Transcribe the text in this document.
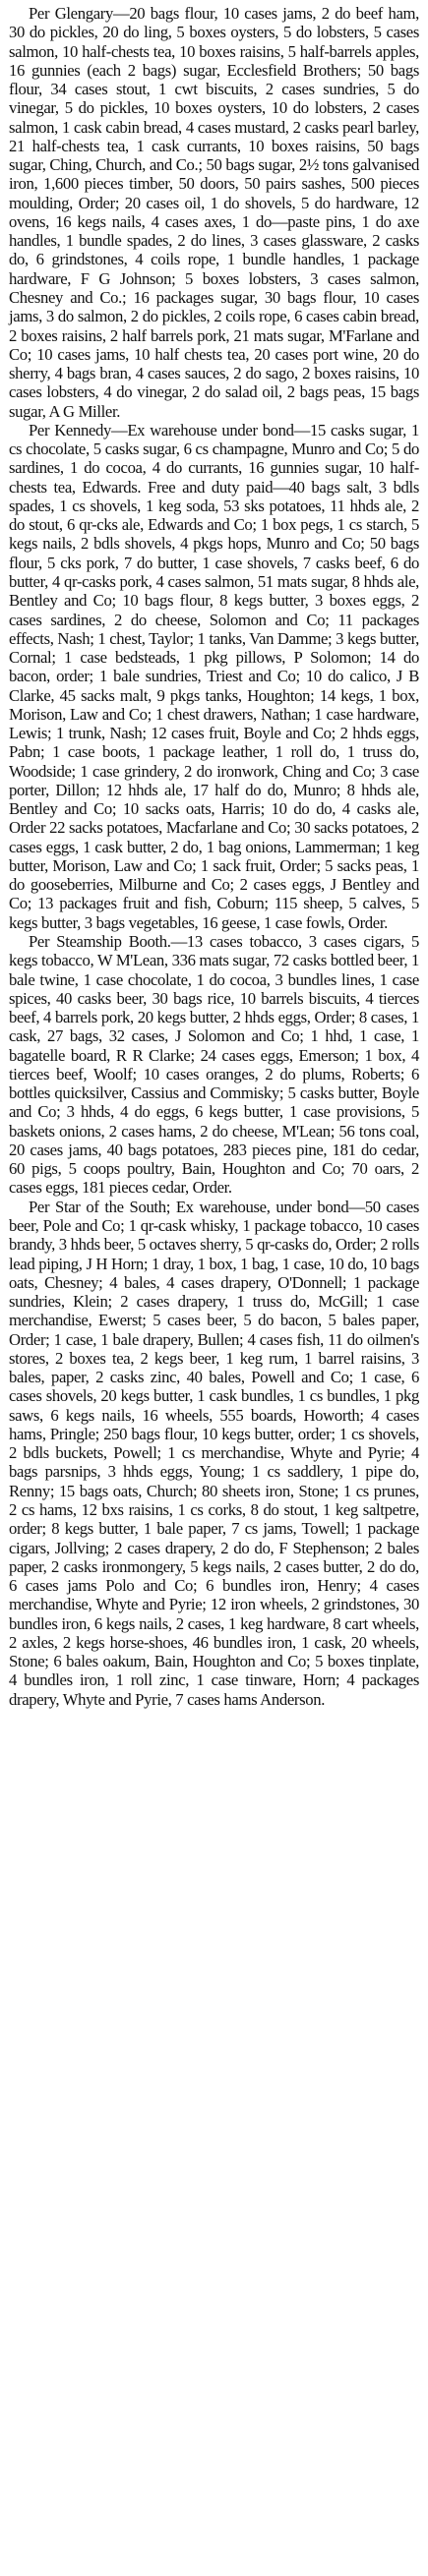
Per Glengary—20 bags flour, 10 cases jams, 2 do beef ham, 30 do pickles, 20 do ling, 5 boxes oysters, 5 do lobsters, 5 cases salmon, 10 half-chests tea, 10 boxes raisins, 5 half-barrels apples, 16 gunnies (each 2 bags) sugar, Ecclesfield Brothers; 50 bags flour, 34 cases stout, 1 cwt biscuits, 2 cases sundries, 5 do vinegar, 5 do pickles, 10 boxes oysters, 10 do lobsters, 2 cases salmon, 1 cask cabin bread, 4 cases mustard, 2 casks pearl barley, 21 half-chests tea, 1 cask currants, 10 boxes raisins, 50 bags sugar, Ching, Church, and Co.; 50 bags sugar, 2½ tons galvanised iron, 1,600 pieces timber, 50 doors, 50 pairs sashes, 500 pieces moulding, Order; 20 cases oil, 1 do shovels, 5 do hardware, 12 ovens, 16 kegs nails, 4 cases axes, 1 do—paste pins, 1 do axe handles, 1 bundle spades, 2 do lines, 3 cases glassware, 2 casks do, 6 grindstones, 4 coils rope, 1 bundle handles, 1 package hardware, F G Johnson; 5 boxes lobsters, 3 cases salmon, Chesney and Co.; 16 packages sugar, 30 bags flour, 10 cases jams, 3 do salmon, 2 do pickles, 2 coils rope, 6 cases cabin bread, 2 boxes raisins, 2 half barrels pork, 21 mats sugar, M'Farlane and Co; 10 cases jams, 10 half chests tea, 20 cases port wine, 20 do sherry, 4 bags bran, 4 cases sauces, 2 do sago, 2 boxes raisins, 10 cases lobsters, 4 do vinegar, 2 do salad oil, 2 bags peas, 15 bags sugar, A G Miller.

Per Kennedy—Ex warehouse under bond—15 casks sugar, 1 cs chocolate, 5 casks sugar, 6 cs champagne, Munro and Co; 5 do sardines, 1 do cocoa, 4 do currants, 16 gunnies sugar, 10 half-chests tea, Edwards. Free and duty paid—40 bags salt, 3 bdls spades, 1 cs shovels, 1 keg soda, 53 sks potatoes, 11 hhds ale, 2 do stout, 6 qr-cks ale, Edwards and Co; 1 box pegs, 1 cs starch, 5 kegs nails, 2 bdls shovels, 4 pkgs hops, Munro and Co; 50 bags flour, 5 cks pork, 7 do butter, 1 case shovels, 7 casks beef, 6 do butter, 4 qr-casks pork, 4 cases salmon, 51 mats sugar, 8 hhds ale, Bentley and Co; 10 bags flour, 8 kegs butter, 3 boxes eggs, 2 cases sardines, 2 do cheese, Solomon and Co; 11 packages effects, Nash; 1 chest, Taylor; 1 tanks, Van Damme; 3 kegs butter, Cornal; 1 case bedsteads, 1 pkg pillows, P Solomon; 14 do bacon, order; 1 bale sundries, Triest and Co; 10 do calico, J B Clarke, 45 sacks malt, 9 pkgs tanks, Houghton; 14 kegs, 1 box, Morison, Law and Co; 1 chest drawers, Nathan; 1 case hardware, Lewis; 1 trunk, Nash; 12 cases fruit, Boyle and Co; 2 hhds eggs, Pabn; 1 case boots, 1 package leather, 1 roll do, 1 truss do, Woodside; 1 case grindery, 2 do ironwork, Ching and Co; 3 case porter, Dillon; 12 hhds ale, 17 half do do, Munro; 8 hhds ale, Bentley and Co; 10 sacks oats, Harris; 10 do do, 4 casks ale, Order 22 sacks potatoes, Macfarlane and Co; 30 sacks potatoes, 2 cases eggs, 1 cask butter, 2 do, 1 bag onions, Lammerman; 1 keg butter, Morison, Law and Co; 1 sack fruit, Order; 5 sacks peas, 1 do gooseberries, Milburne and Co; 2 cases eggs, J Bentley and Co; 13 packages fruit and fish, Coburn; 115 sheep, 5 calves, 5 kegs butter, 3 bags vegetables, 16 geese, 1 case fowls, Order.

Per Steamship Booth.—13 cases tobacco, 3 cases cigars, 5 kegs tobacco, W M'Lean, 336 mats sugar, 72 casks bottled beer, 1 bale twine, 1 case chocolate, 1 do cocoa, 3 bundles lines, 1 case spices, 40 casks beer, 30 bags rice, 10 barrels biscuits, 4 tierces beef, 4 barrels pork, 20 kegs butter, 2 hhds eggs, Order; 8 cases, 1 cask, 27 bags, 32 cases, J Solomon and Co; 1 hhd, 1 case, 1 bagatelle board, R R Clarke; 24 cases eggs, Emerson; 1 box, 4 tierces beef, Woolf; 10 cases oranges, 2 do plums, Roberts; 6 bottles quicksilver, Cassius and Commisky; 5 casks butter, Boyle and Co; 3 hhds, 4 do eggs, 6 kegs butter, 1 case provisions, 5 baskets onions, 2 cases hams, 2 do cheese, M'Lean; 56 tons coal, 20 cases jams, 40 bags potatoes, 283 pieces pine, 181 do cedar, 60 pigs, 5 coops poultry, Bain, Houghton and Co; 70 oars, 2 cases eggs, 181 pieces cedar, Order.

Per Star of the South; Ex warehouse, under bond—50 cases beer, Pole and Co; 1 qr-cask whisky, 1 package tobacco, 10 cases brandy, 3 hhds beer, 5 octaves sherry, 5 qr-casks do, Order; 2 rolls lead piping, J H Horn; 1 dray, 1 box, 1 bag, 1 case, 10 do, 10 bags oats, Chesney; 4 bales, 4 cases drapery, O'Donnell; 1 package sundries, Klein; 2 cases drapery, 1 truss do, McGill; 1 case merchandise, Ewerst; 5 cases beer, 5 do bacon, 5 bales paper, Order; 1 case, 1 bale drapery, Bullen; 4 cases fish, 11 do oilmen's stores, 2 boxes tea, 2 kegs beer, 1 keg rum, 1 barrel raisins, 3 bales, paper, 2 casks zinc, 40 bales, Powell and Co; 1 case, 6 cases shovels, 20 kegs butter, 1 cask bundles, 1 cs bundles, 1 pkg saws, 6 kegs nails, 16 wheels, 555 boards, Howorth; 4 cases hams, Pringle; 250 bags flour, 10 kegs butter, order; 1 cs shovels, 2 bdls buckets, Powell; 1 cs merchandise, Whyte and Pyrie; 4 bags parsnips, 3 hhds eggs, Young; 1 cs saddlery, 1 pipe do, Renny; 15 bags oats, Church; 80 sheets iron, Stone; 1 cs prunes, 2 cs hams, 12 bxs raisins, 1 cs corks, 8 do stout, 1 keg saltpetre, order; 8 kegs butter, 1 bale paper, 7 cs jams, Towell; 1 package cigars, Jollving; 2 cases drapery, 2 do do, F Stephenson; 2 bales paper, 2 casks ironmongery, 5 kegs nails, 2 cases butter, 2 do do, 6 cases jams Polo and Co; 6 bundles iron, Henry; 4 cases merchandise, Whyte and Pyrie; 12 iron wheels, 2 grindstones, 30 bundles iron, 6 kegs nails, 2 cases, 1 keg hardware, 8 cart wheels, 2 axles, 2 kegs horse-shoes, 46 bundles iron, 1 cask, 20 wheels, Stone; 6 bales oakum, Bain, Houghton and Co; 5 boxes tinplate, 4 bundles iron, 1 roll zinc, 1 case tinware, Horn; 4 packages drapery, Whyte and Pyrie, 7 cases hams Anderson.
